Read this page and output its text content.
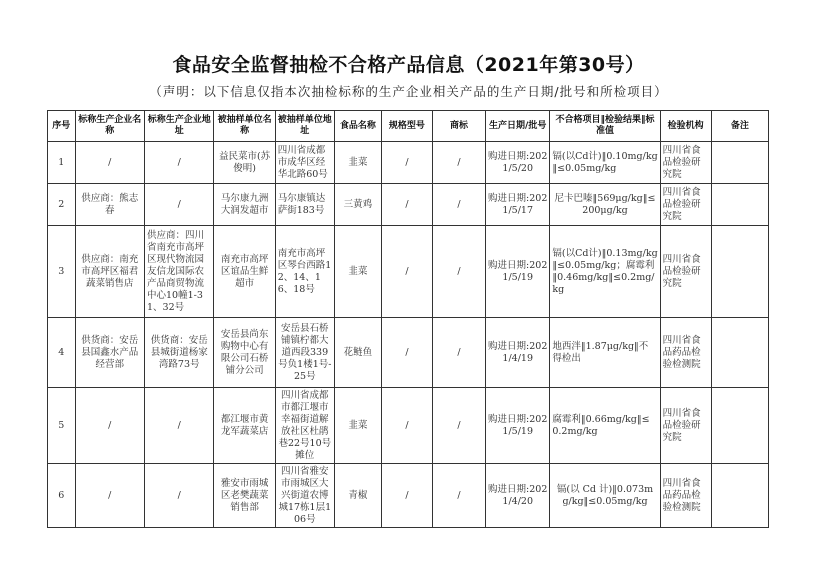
食品安全监督抽检不合格产品信息（2021年第30号）
（声明：以下信息仅指本次抽检标称的生产企业相关产品的生产日期/批号和所检项目）
序号	标称生产企业名称	标称生产企业地址	被抽样单位名称	被抽样单位地址	食品名称	规格型号	商标	生产日期/批号	不合格项目‖检验结果‖标准值	检验机构	备注
1	/	/	益民菜市(苏俊明)	四川省成都市成华区经华北路60号	韭菜	/	/	购进日期:2021/5/20	镉(以Cd计)‖0.10mg/kg‖≤0.05mg/kg	四川省食品检验研究院	
2	供应商：熊志春	/	马尔康九洲大润发超市	马尔康镇达萨街183号	三黄鸡	/	/	购进日期:2021/5/17	尼卡巴嗪‖569μg/kg‖≤200μg/kg	四川省食品检验研究院	
3	供应商：南充市高坪区福君蔬菜销售店	供应商：四川省南充市高坪区现代物流园友信龙国际农产品商贸物流中心10幢1-31、32号	南充市高坪区谊品生鲜超市	南充市高坪区琴台西路12、14、16、18号	韭菜	/	/	购进日期:2021/5/19	镉(以Cd计)‖0.13mg/kg‖≤0.05mg/kg；腐霉利‖0.46mg/kg‖≤0.2mg/kg	四川省食品检验研究院	
4	供货商：安岳县国鑫水产品经营部	供货商：安岳县城街道杨家湾路73号	安岳县尚东购物中心有限公司石桥铺分公司	安岳县石桥铺镇柠都大道西段339号负1楼1号-25号	花鲢鱼	/	/	购进日期:2021/4/19	地西泮‖1.87μg/kg‖不得检出	四川省食品药品检验检测院	
5	/	/	都江堰市黄龙军蔬菜店	四川省成都市都江堰市幸福街道解放社区杜鹃巷22号10号摊位	韭菜	/	/	购进日期:2021/5/19	腐霉利‖0.66mg/kg‖≤0.2mg/kg	四川省食品检验研究院	
6	/	/	雅安市雨城区老樊蔬菜销售部	四川省雅安市雨城区大兴街道农博城17栋1层106号	青椒	/	/	购进日期:2021/4/20	镉(以 Cd 计)‖0.073mg/kg‖≤0.05mg/kg	四川省食品药品检验检测院	
